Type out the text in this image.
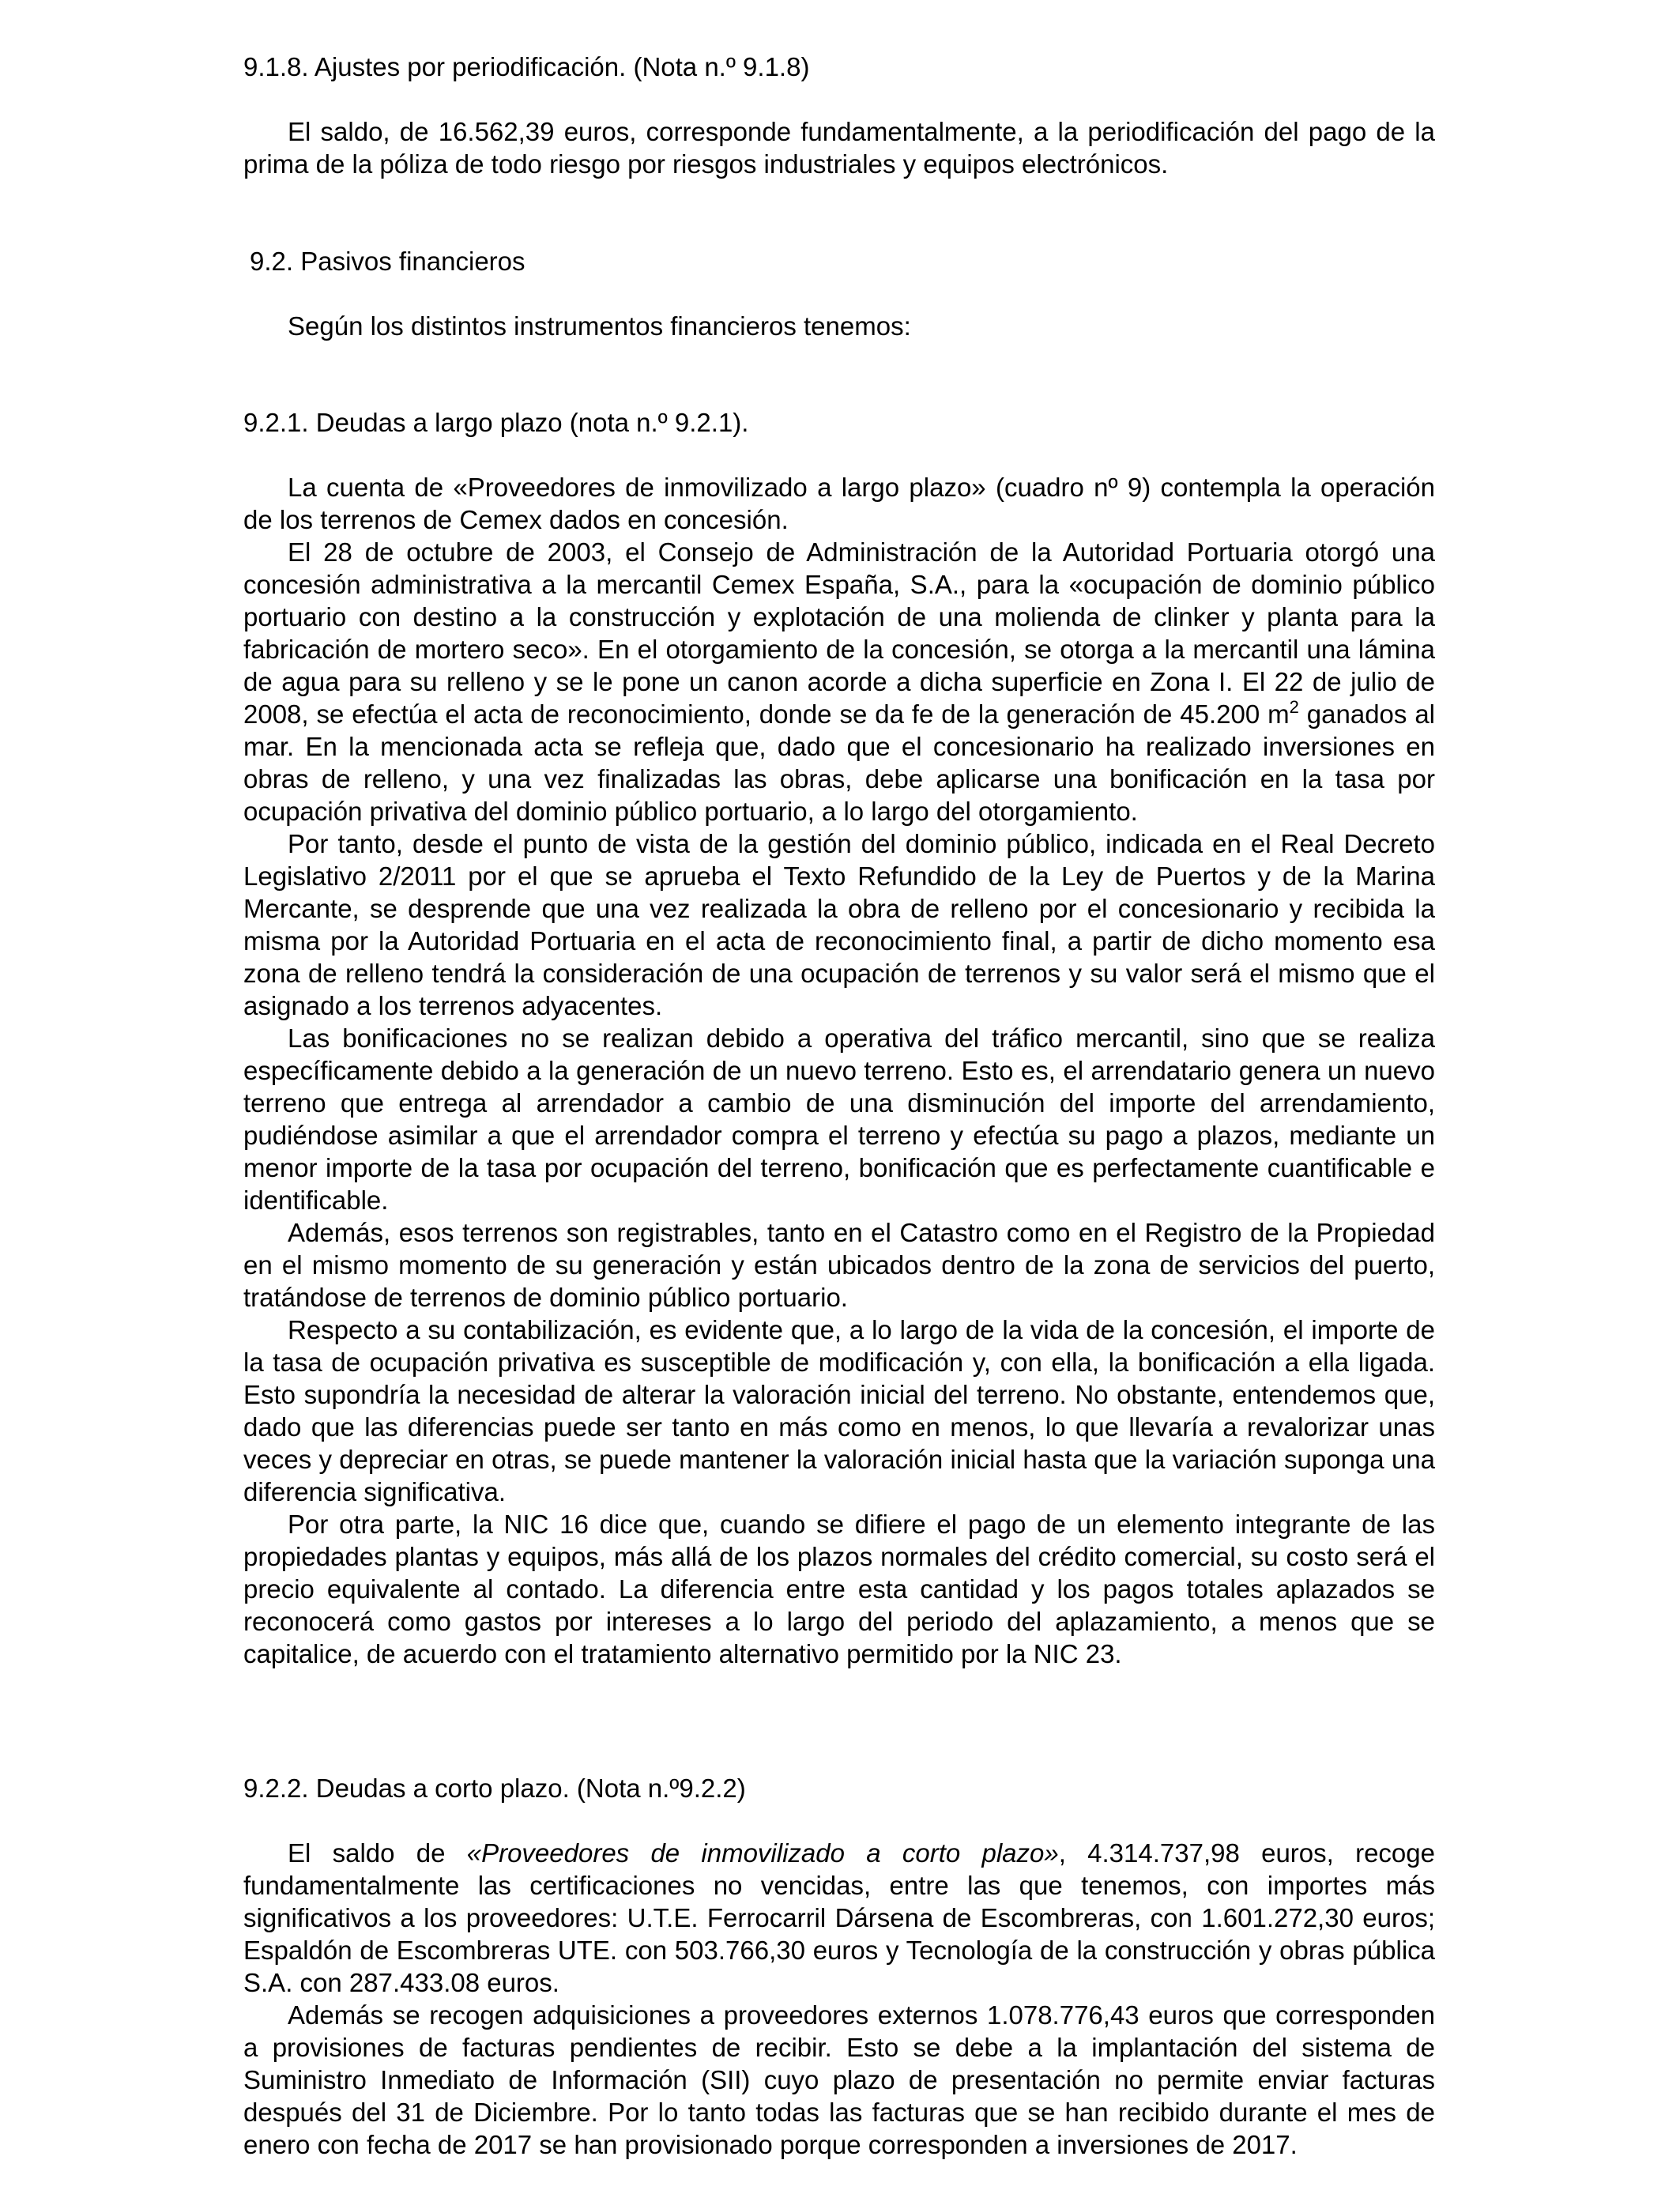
9.1.8. Ajustes por periodificación. (Nota n.º 9.1.8)

El saldo, de 16.562,39 euros, corresponde fundamentalmente, a la periodificación del pago de la prima de la póliza de todo riesgo por riesgos industriales y equipos electrónicos.

9.2. Pasivos financieros

Según los distintos instrumentos financieros tenemos:

9.2.1. Deudas a largo plazo (nota n.º 9.2.1).

La cuenta de «Proveedores de inmovilizado a largo plazo» (cuadro nº 9) contempla la operación de los terrenos de Cemex dados en concesión.

El 28 de octubre de 2003, el Consejo de Administración de la Autoridad Portuaria otorgó una concesión administrativa a la mercantil Cemex España, S.A., para la «ocupación de dominio público portuario con destino a la construcción y explotación de una molienda de clinker y planta para la fabricación de mortero seco». En el otorgamiento de la concesión, se otorga a la mercantil una lámina de agua para su relleno y se le pone un canon acorde a dicha superficie en Zona I. El 22 de julio de 2008, se efectúa el acta de reconocimiento, donde se da fe de la generación de 45.200 $m^2$ ganados al mar. En la mencionada acta se refleja que, dado que el concesionario ha realizado inversiones en obras de relleno, y una vez finalizadas las obras, debe aplicarse una bonificación en la tasa por ocupación privativa del dominio público portuario, a lo largo del otorgamiento.

Por tanto, desde el punto de vista de la gestión del dominio público, indicada en el Real Decreto Legislativo 2/2011 por el que se aprueba el Texto Refundido de la Ley de Puertos y de la Marina Mercante, se desprende que una vez realizada la obra de relleno por el concesionario y recibida la misma por la Autoridad Portuaria en el acta de reconocimiento final, a partir de dicho momento esa zona de relleno tendrá la consideración de una ocupación de terrenos y su valor será el mismo que el asignado a los terrenos adyacentes.

Las bonificaciones no se realizan debido a operativa del tráfico mercantil, sino que se realiza específicamente debido a la generación de un nuevo terreno. Esto es, el arrendatario genera un nuevo terreno que entrega al arrendador a cambio de una disminución del importe del arrendamiento, pudiéndose asimilar a que el arrendador compra el terreno y efectúa su pago a plazos, mediante un menor importe de la tasa por ocupación del terreno, bonificación que es perfectamente cuantificable e identificable.

Además, esos terrenos son registrables, tanto en el Catastro como en el Registro de la Propiedad en el mismo momento de su generación y están ubicados dentro de la zona de servicios del puerto, tratándose de terrenos de dominio público portuario.

Respecto a su contabilización, es evidente que, a lo largo de la vida de la concesión, el importe de la tasa de ocupación privativa es susceptible de modificación y, con ella, la bonificación a ella ligada. Esto supondría la necesidad de alterar la valoración inicial del terreno. No obstante, entendemos que, dado que las diferencias puede ser tanto en más como en menos, lo que llevaría a revalorizar unas veces y depreciar en otras, se puede mantener la valoración inicial hasta que la variación suponga una diferencia significativa.

Por otra parte, la NIC 16 dice que, cuando se difiere el pago de un elemento integrante de las propiedades plantas y equipos, más allá de los plazos normales del crédito comercial, su costo será el precio equivalente al contado. La diferencia entre esta cantidad y los pagos totales aplazados se reconocerá como gastos por intereses a lo largo del periodo del aplazamiento, a menos que se capitalice, de acuerdo con el tratamiento alternativo permitido por la NIC 23.

9.2.2. Deudas a corto plazo. (Nota n.º9.2.2)

El saldo de «Proveedores de inmovilizado a corto plazo», 4.314.737,98 euros, recoge fundamentalmente las certificaciones no vencidas, entre las que tenemos, con importes más significativos a los proveedores: U.T.E. Ferrocarril Dársena de Escombreras, con 1.601.272,30 euros; Espaldón de Escombreras UTE. con 503.766,30 euros y Tecnología de la construcción y obras pública S.A. con 287.433.08 euros.

Además se recogen adquisiciones a proveedores externos 1.078.776,43 euros que corresponden a provisiones de facturas pendientes de recibir. Esto se debe a la implantación del sistema de Suministro Inmediato de Información (SII) cuyo plazo de presentación no permite enviar facturas después del 31 de Diciembre. Por lo tanto todas las facturas que se han recibido durante el mes de enero con fecha de 2017 se han provisionado porque corresponden a inversiones de 2017.
